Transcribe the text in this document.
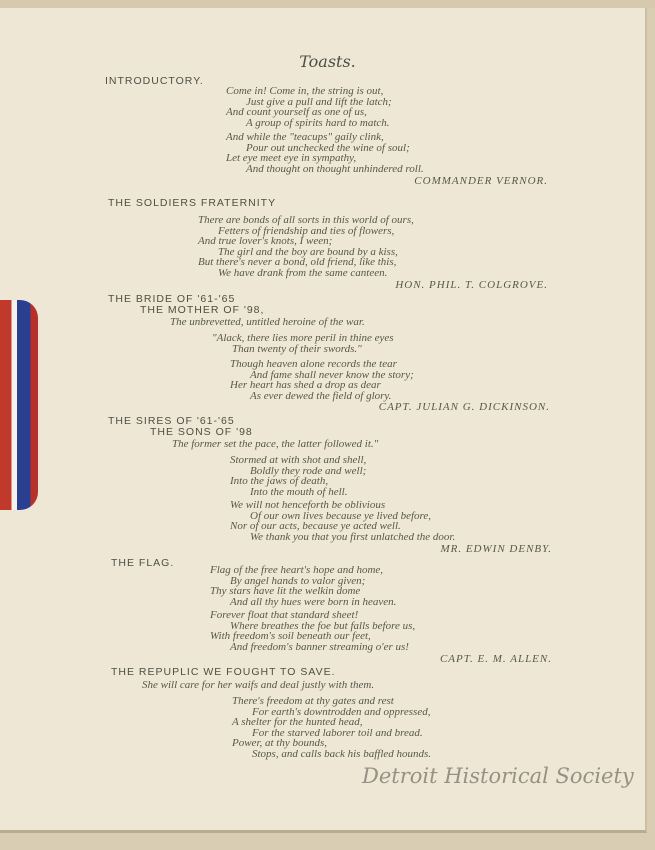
Toasts.
INTRODUCTORY.
Come in! Come in, the string is out,
Just give a pull and lift the latch;
And count yourself as one of us,
A group of spirits hard to match.
And while the "teacups" gaily clink,
Pour out unchecked the wine of soul;
Let eye meet eye in sympathy,
And thought on thought unhindered roll.
COMMANDER VERNOR.
THE SOLDIERS FRATERNITY
There are bonds of all sorts in this world of ours,
Fetters of friendship and ties of flowers,
And true lover's knots, I ween;
The girl and the boy are bound by a kiss,
But there's never a bond, old friend, like this,
We have drank from the same canteen.
HON. PHIL. T. COLGROVE.
THE BRIDE OF '61-'65
THE MOTHER OF '98,
The unbrevetted, untitled heroine of the war.
"Alack, there lies more peril in thine eyes
Than twenty of their swords."
Though heaven alone records the tear
And fame shall never know the story;
Her heart has shed a drop as dear
As ever dewed the field of glory.
CAPT. JULIAN G. DICKINSON.
THE SIRES OF '61-'65
THE SONS OF '98
The former set the pace, the latter followed it."
Stormed at with shot and shell,
Boldly they rode and well;
Into the jaws of death,
Into the mouth of hell.
We will not henceforth be oblivious
Of our own lives because ye lived before,
Nor of our acts, because ye acted well.
We thank you that you first unlatched the door.
MR. EDWIN DENBY.
THE FLAG.
Flag of the free heart's hope and home,
By angel hands to valor given;
Thy stars have lit the welkin dome
And all thy hues were born in heaven.
Forever float that standard sheet!
Where breathes the foe but falls before us,
With freedom's soil beneath our feet,
And freedom's banner streaming o'er us!
CAPT. E. M. ALLEN.
THE REPUPLIC WE FOUGHT TO SAVE.
She will care for her waifs and deal justly with them.
There's freedom at thy gates and rest
For earth's downtrodden and oppressed,
A shelter for the hunted head,
For the starved laborer toil and bread.
Power, at thy bounds,
Stops, and calls back his baffled hounds.
Detroit Historical Society
